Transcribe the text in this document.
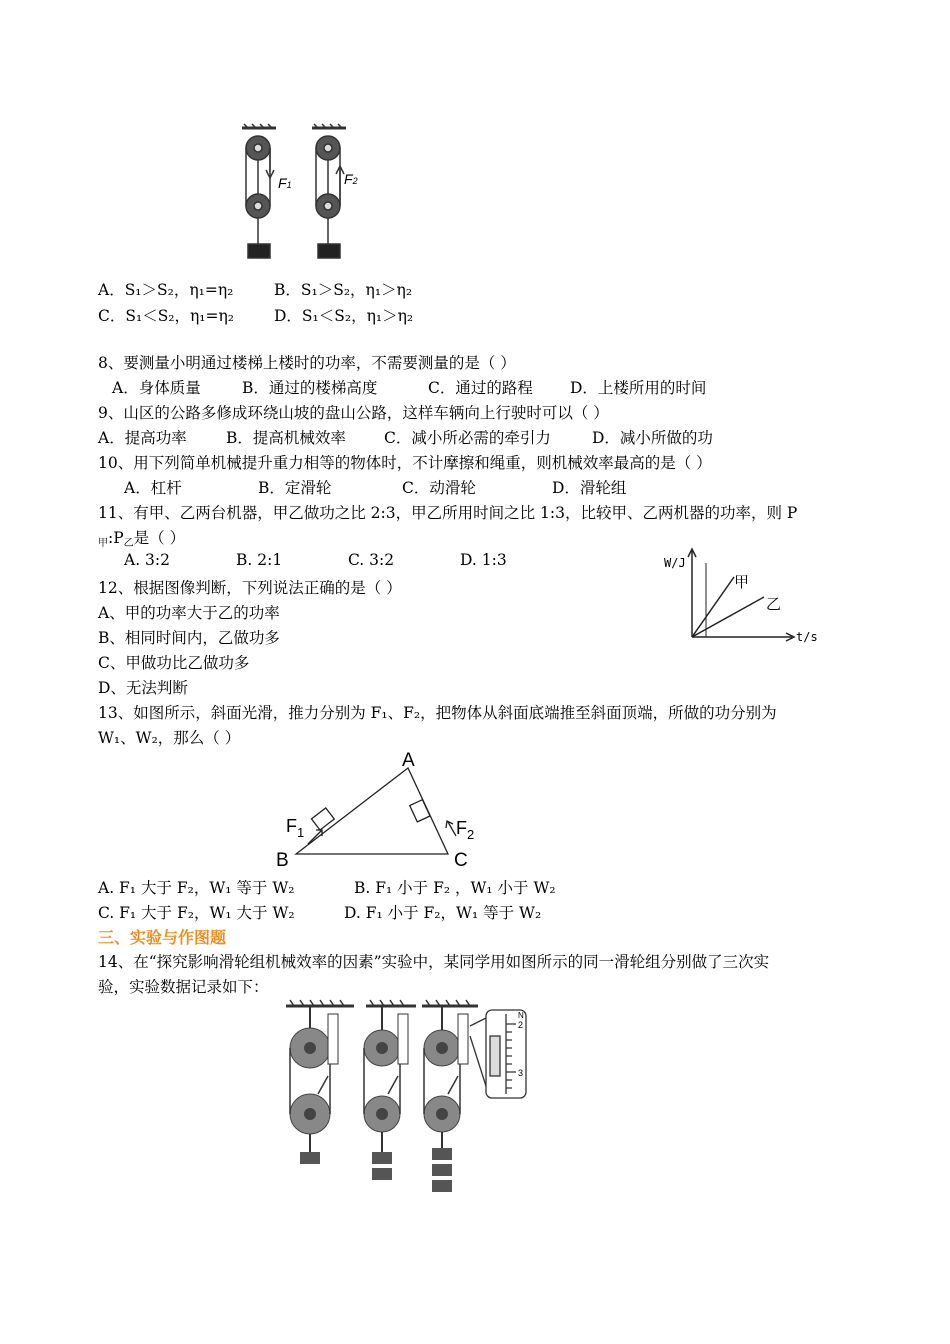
F1	F2
A．S₁＞S₂，η₁=η₂	B．S₁＞S₂，η₁＞η₂
C．S₁＜S₂，η₁=η₂	D．S₁＜S₂，η₁＞η₂
8、要测量小明通过楼梯上楼时的功率，不需要测量的是（ ）
A．身体质量	B．通过的楼梯高度	C．通过的路程 D．上楼所用的时间
9、山区的公路多修成环绕山坡的盘山公路，这样车辆向上行驶时可以（ ）
A．提高功率	B．提高机械效率 C．减小所必需的牵引力	D．减小所做的功
10、用下列简单机械提升重力相等的物体时，不计摩擦和绳重，则机械效率最高的是（ ）
A．杠杆	B．定滑轮	C．动滑轮	D．滑轮组
11、有甲、乙两台机器，甲乙做功之比 2:3，甲乙所用时间之比 1:3，比较甲、乙两机器的功率，则 P
$_甲:P_乙$是（ ）
A. 3:2	B. 2:1	C. 3:2	D. 1:3
12、根据图像判断，下列说法正确的是（ ）
A、甲的功率大于乙的功率
B、相同时间内，乙做功多
C、甲做功比乙做功多
D、无法判断
W/J
t/s
甲
乙
13、如图所示，斜面光滑，推力分别为 F₁、F₂，把物体从斜面底端推至斜面顶端，所做的功分别为
W₁、W₂，那么（ ）
A
B	C
$F_1$	$F_2$
A. F₁ 大于 F₂，W₁ 等于 W₂	B. F₁ 小于 F₂ ，W₁ 小于 W₂
C. F₁ 大于 F₂，W₁ 大于 W₂	D. F₁ 小于 F₂，W₁ 等于 W₂
三、实验与作图题
14、在“探究影响滑轮组机械效率的因素”实验中，某同学用如图所示的同一滑轮组分别做了三次实
验，实验数据记录如下：
N
2
3
